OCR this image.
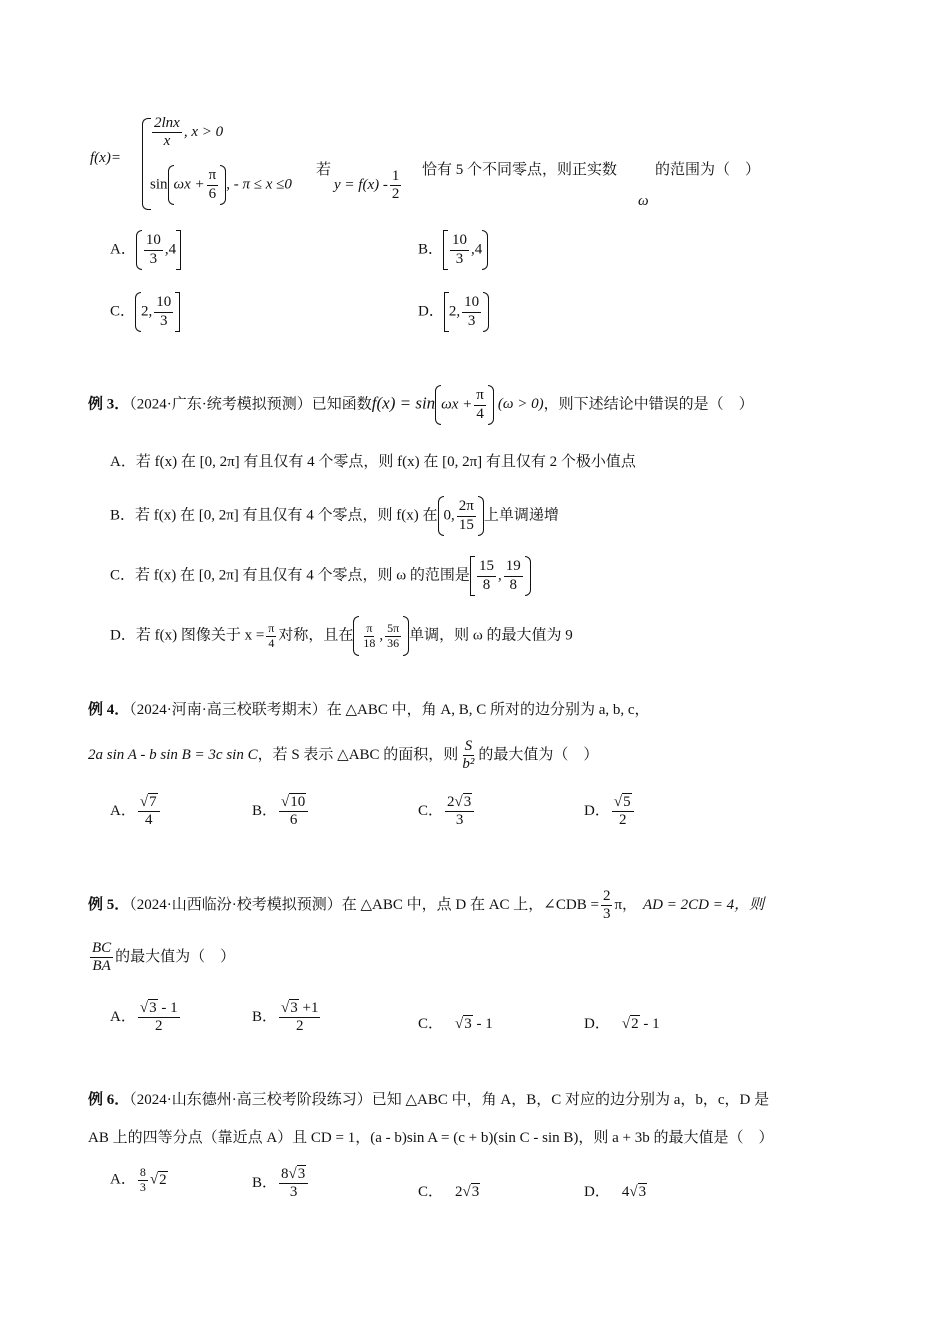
f(x)=
$\frac{2\ln x}{x}$ , x > 0
$\sin \omega x + \frac{\pi}{6}$ , - π ≤ x ≤0
若
$y = f(x) - \frac{1}{2}$ 恰有 5 个不同零点，则正实数	的范围为（　）
ω
A． $\frac{10}{3} ,4$	B． $\frac{10}{3} ,4$
C． 2, $\frac{10}{3}$	D． 2, $\frac{10}{3}$
例 3．（2024·广东·统考模拟预测）已知函数$f(x) = \sin \omega x + \frac{\pi}{4} (\omega > 0)$，则下述结论中错误的是（　）
A．若 f(x) 在 [0, 2π] 有且仅有 4 个零点，则 f(x) 在 [0, 2π] 有且仅有 2 个极小值点
B．若 f(x) 在 [0, 2π] 有且仅有 4 个零点，则 f(x) 在 0, $\frac{2\pi}{15}$ 上单调递增
C．若 f(x) 在 [0, 2π] 有且仅有 4 个零点，则 ω 的范围是 $\frac{15}{8}$ , $\frac{19}{8}$
D．若 f(x) 图像关于 $x = \frac{\pi}{4}$ 对称，且在 $\frac{\pi}{18}$ , $\frac{5\pi}{36}$ 单调，则 ω 的最大值为 9
例 4．（2024·河南·高三校联考期末）在 △ABC 中，角 A, B, C 所对的边分别为 a, b, c，
2a sin A - b sin B = 3c sin C，若 S 表示 △ABC 的面积，则 $\frac{S}{\text{b²}}$ 的最大值为（　）
A． $\frac{√7}{4}$	B． $\frac{√10}{6}$	C． $\frac{2√3}{3}$	D． $\frac{√5}{2}$
例 5．（2024·山西临汾·校考模拟预测）在 △ABC 中，点 D 在 AC 上，∠CDB = $\frac{2}{3}$ π， AD = 2CD = 4，则
$\frac{BC}{BA}$ 的最大值为（　）
A． $\frac{√3 - 1}{2}$	B． $\frac{√3 +1}{2}$	C． √3 - 1	D． √2 - 1
例 6．（2024·山东德州·高三校考阶段练习）已知 △ABC 中，角 A，B，C 对应的边分别为 a，b，c，D 是
AB 上的四等分点（靠近点 A）且 CD = 1，(a - b)sin A = (c + b)(sin C - sin B)，则 a + 3b 的最大值是（　）
A． $\frac{8}{3} √2$	B． $\frac{8√3}{3}$	C． 2√3	D． 4√3
